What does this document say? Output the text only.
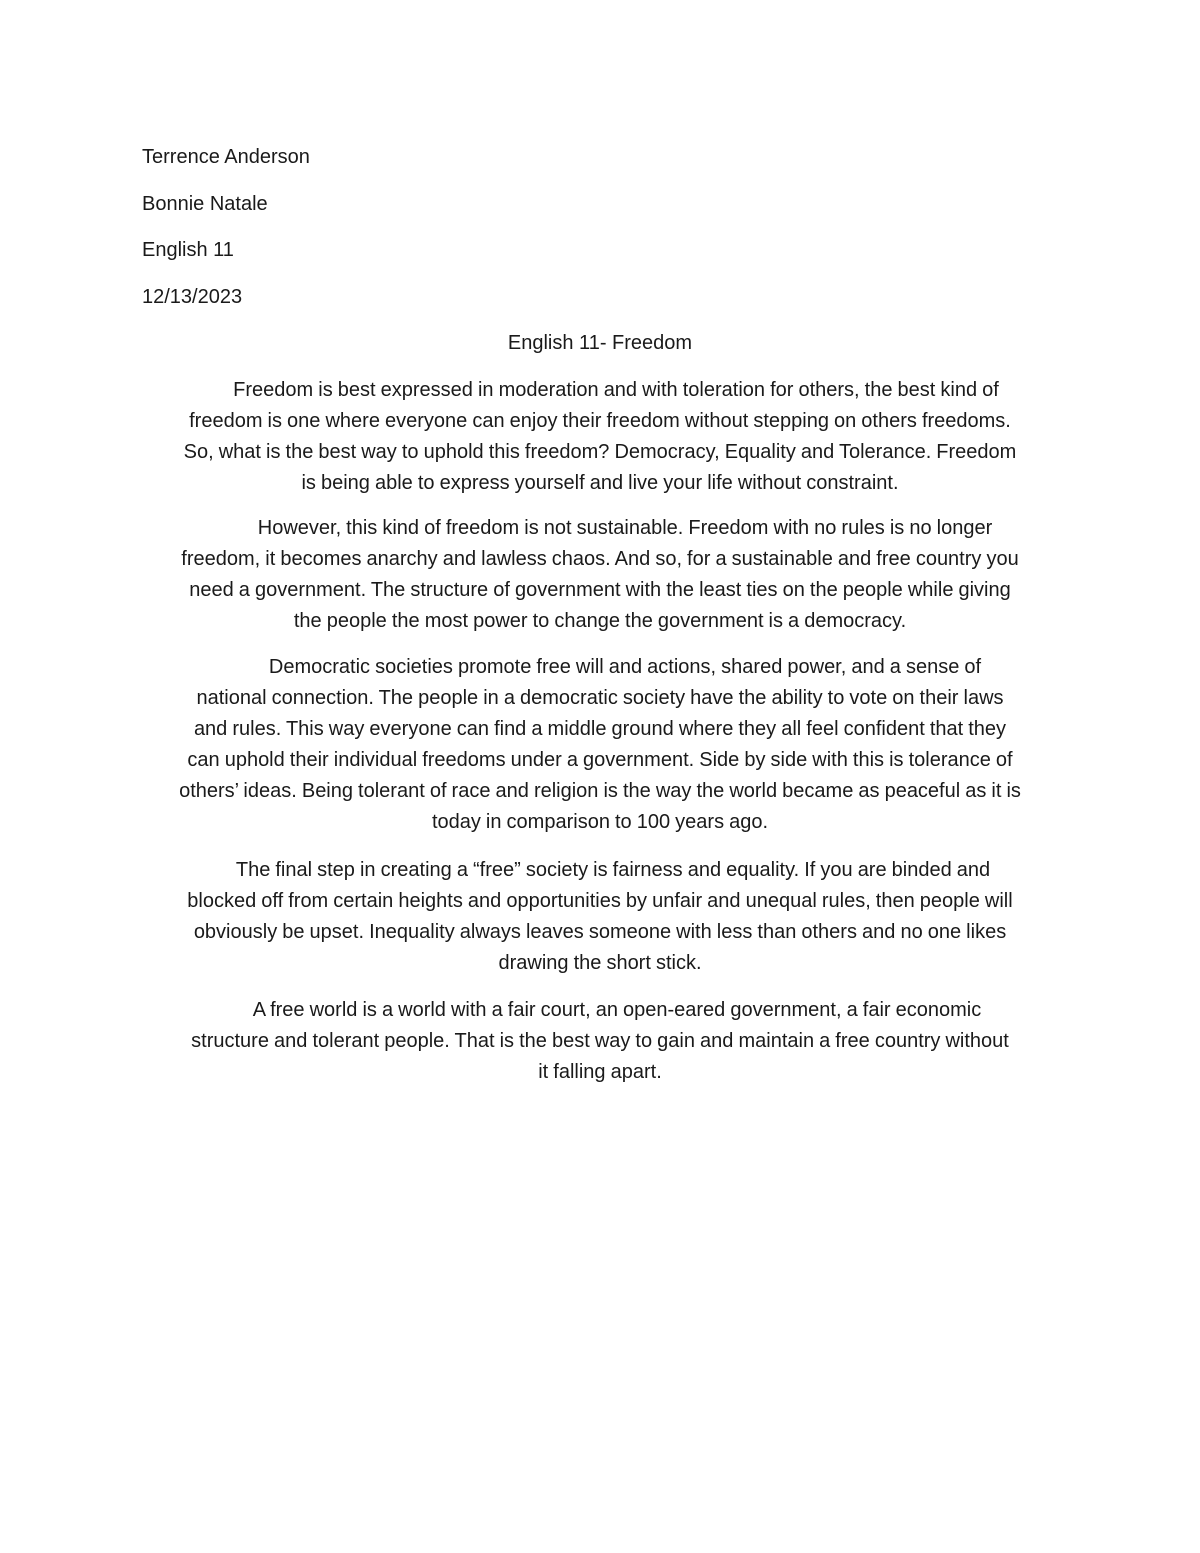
Terrence Anderson

Bonnie Natale

English 11

12/13/2023

English 11- Freedom

Freedom is best expressed in moderation and with toleration for others, the best kind of
freedom is one where everyone can enjoy their freedom without stepping on others freedoms.
So, what is the best way to uphold this freedom? Democracy, Equality and Tolerance. Freedom
is being able to express yourself and live your life without constraint.
However, this kind of freedom is not sustainable. Freedom with no rules is no longer
freedom, it becomes anarchy and lawless chaos. And so, for a sustainable and free country you
need a government. The structure of government with the least ties on the people while giving
the people the most power to change the government is a democracy.
Democratic societies promote free will and actions, shared power, and a sense of
national connection. The people in a democratic society have the ability to vote on their laws
and rules. This way everyone can find a middle ground where they all feel confident that they
can uphold their individual freedoms under a government. Side by side with this is tolerance of
others’ ideas. Being tolerant of race and religion is the way the world became as peaceful as it is
today in comparison to 100 years ago.
The final step in creating a “free” society is fairness and equality. If you are binded and
blocked off from certain heights and opportunities by unfair and unequal rules, then people will
obviously be upset. Inequality always leaves someone with less than others and no one likes
drawing the short stick.
A free world is a world with a fair court, an open-eared government, a fair economic
structure and tolerant people. That is the best way to gain and maintain a free country without
it falling apart.
